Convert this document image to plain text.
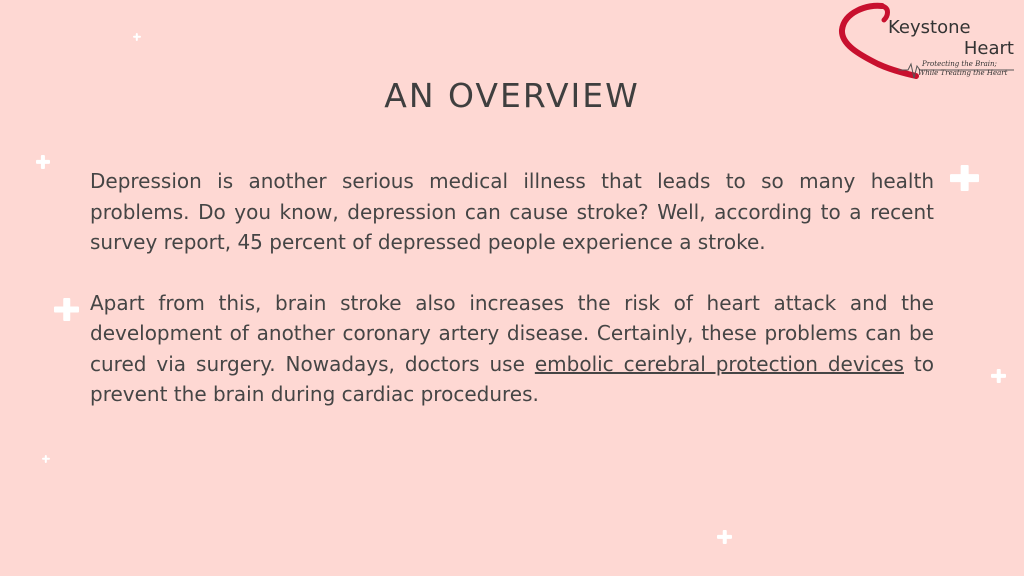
Keystone
Heart
Protecting the Brain;
While Treating the Heart
AN OVERVIEW

Depression is another serious medical illness that leads to so many health problems. Do you know, depression can cause stroke? Well, according to a recent survey report, 45 percent of depressed people experience a stroke.

Apart from this, brain stroke also increases the risk of heart attack and the development of another coronary artery disease. Certainly, these problems can be cured via surgery. Nowadays, doctors use embolic cerebral protection devices to prevent the brain during cardiac procedures.
